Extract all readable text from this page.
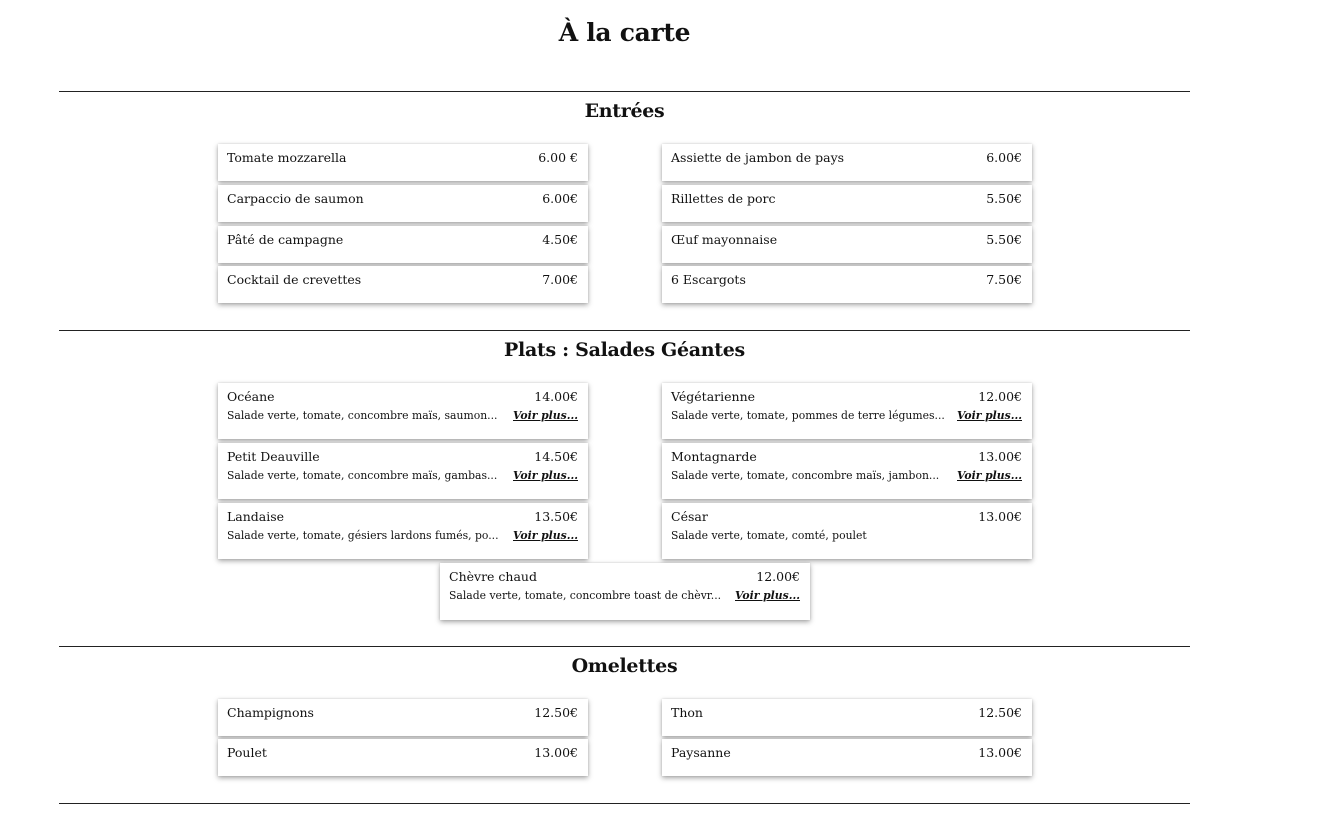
À la carte
Entrées
Tomate mozzarella	6.00 €	Assiette de jambon de pays	6.00€
Carpaccio de saumon	6.00€	Rillettes de porc	5.50€
Pâté de campagne	4.50€	Œuf mayonnaise	5.50€
Cocktail de crevettes	7.00€	6 Escargots	7.50€
Plats : Salades Géantes
Océane	14.00€
Salade verte, tomate, concombre maïs, saumon... Voir plus...
Végétarienne	12.00€
Salade verte, tomate, pommes de terre légumes... Voir plus...
Petit Deauville	14.50€
Salade verte, tomate, concombre maïs, gambas... Voir plus...
Montagnarde	13.00€
Salade verte, tomate, concombre maïs, jambon... Voir plus...
Landaise	13.50€
Salade verte, tomate, gésiers lardons fumés, po... Voir plus...
César	13.00€
Salade verte, tomate, comté, poulet
Chèvre chaud	12.00€
Salade verte, tomate, concombre toast de chèvr... Voir plus...
Omelettes
Champignons	12.50€	Thon	12.50€
Poulet	13.00€	Paysanne	13.00€
